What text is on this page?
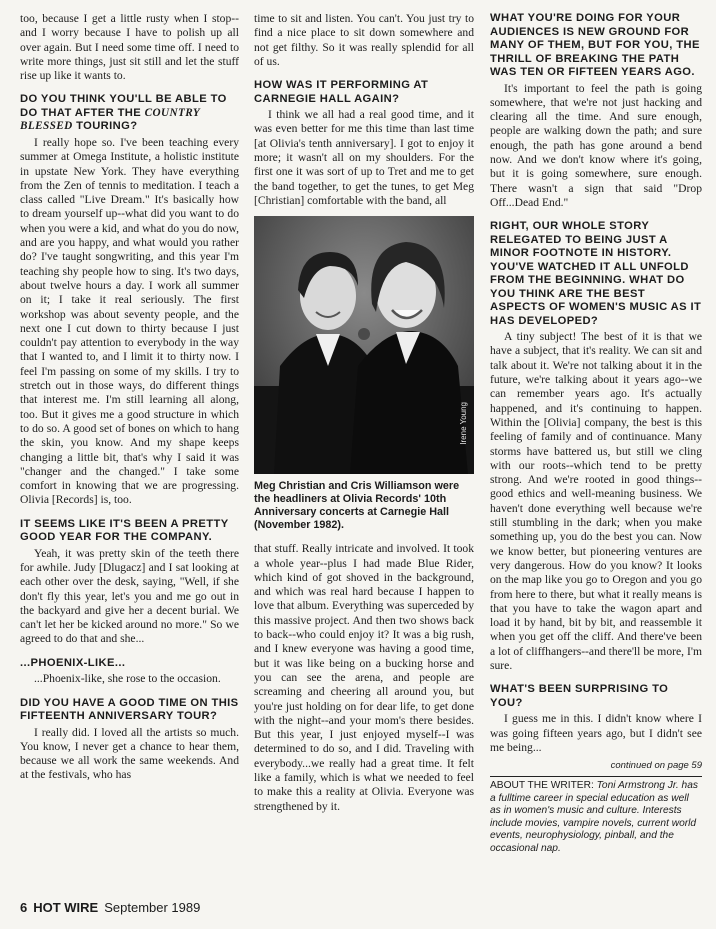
too, because I get a little rusty when I stop--and I worry because I have to polish up all over again. But I need some time off. I need to write more things, just sit still and let the stuff rise up like it wants to.

DO YOU THINK YOU'LL BE ABLE TO DO THAT AFTER THE COUNTRY BLESSED TOURING?

I really hope so. I've been teaching every summer at Omega Institute, a holistic institute in upstate New York. They have everything from the Zen of tennis to meditation. I teach a class called "Live Dream." It's basically how to dream yourself up--what did you want to do when you were a kid, and what do you do now, and are you happy, and what would you rather do? I've taught songwriting, and this year I'm teaching shy people how to sing. It's two days, about twelve hours a day. I work all summer on it; I take it real seriously. The first workshop was about seventy people, and the next one I cut down to thirty because I just couldn't pay attention to everybody in the way that I wanted to, and I limit it to thirty now. I feel I'm passing on some of my skills. I try to stretch out in those ways, do different things that interest me. I'm still learning all along, too. But it gives me a good structure in which to do so. A good set of bones on which to hang the skin, you know. And my shape keeps changing a little bit, that's why I said it was "changer and the changed." I take some comfort in knowing that we are progressing. Olivia [Records] is, too.

IT SEEMS LIKE IT'S BEEN A PRETTY GOOD YEAR FOR THE COMPANY.

Yeah, it was pretty skin of the teeth there for awhile. Judy [Dlugacz] and I sat looking at each other over the desk, saying, "Well, if she don't fly this year, let's you and me go out in the backyard and give her a decent burial. We can't let her be kicked around no more." So we agreed to do that and she...

...PHOENIX-LIKE...

...Phoenix-like, she rose to the occasion.

DID YOU HAVE A GOOD TIME ON THIS FIFTEENTH ANNIVERSARY TOUR?

I really did. I loved all the artists so much. You know, I never get a chance to hear them, because we all work the same weekends. And at the festivals, who has

time to sit and listen. You can't. You just try to find a nice place to sit down somewhere and not get filthy. So it was really splendid for all of us.

HOW WAS IT PERFORMING AT CARNEGIE HALL AGAIN?

I think we all had a real good time, and it was even better for me this time than last time [at Olivia's tenth anniversary]. I got to enjoy it more; it wasn't all on my shoulders. For the first one it was sort of up to Tret and me to get the band together, to get the tunes, to get Meg [Christian] comfortable with the band, all

Irene Young
Meg Christian and Cris Williamson were the headliners at Olivia Records' 10th Anniversary concerts at Carnegie Hall (November 1982).

that stuff. Really intricate and involved. It took a whole year--plus I had made Blue Rider, which kind of got shoved in the background, and which was real hard because I happen to love that album. Everything was superceded by this massive project. And then two shows back to back--who could enjoy it? It was a big rush, and I knew everyone was having a good time, but it was like being on a bucking horse and you can see the arena, and people are screaming and cheering all around you, but you're just holding on for dear life, to get done with the night--and your mom's there besides. But this year, I just enjoyed myself--I was determined to do so, and I did. Traveling with everybody...we really had a great time. It felt like a family, which is what we needed to feel to make this a reality at Olivia. Everyone was strengthened by it.

WHAT YOU'RE DOING FOR YOUR AUDIENCES IS NEW GROUND FOR MANY OF THEM, BUT FOR YOU, THE THRILL OF BREAKING THE PATH WAS TEN OR FIFTEEN YEARS AGO.

It's important to feel the path is going somewhere, that we're not just hacking and clearing all the time. And sure enough, people are walking down the path; and sure enough, the path has gone around a bend now. And we don't know where it's going, but it is going somewhere, sure enough. There wasn't a sign that said "Drop Off...Dead End."

RIGHT, OUR WHOLE STORY RELEGATED TO BEING JUST A MINOR FOOTNOTE IN HISTORY. YOU'VE WATCHED IT ALL UNFOLD FROM THE BEGINNING. WHAT DO YOU THINK ARE THE BEST ASPECTS OF WOMEN'S MUSIC AS IT HAS DEVELOPED?

A tiny subject! The best of it is that we have a subject, that it's reality. We can sit and talk about it. We're not talking about it in the future, we're talking about it years ago--we can remember years ago. It's actually happened, and it's continuing to happen. Within the [Olivia] company, the best is this feeling of family and of continuance. Many storms have battered us, but still we cling with our roots--which tend to be pretty strong. And we're rooted in good things--good ethics and well-meaning business. We haven't done everything well because we're still stumbling in the dark; when you make something up, you do the best you can. Now we know better, but pioneering ventures are very dangerous. How do you know? It looks on the map like you go to Oregon and you go from here to there, but what it really means is that you have to take the wagon apart and load it by hand, bit by bit, and reassemble it when you get off the cliff. And there've been a lot of cliffhangers--and there'll be more, I'm sure.

WHAT'S BEEN SURPRISING TO YOU?

I guess me in this. I didn't know where I was going fifteen years ago, but I didn't see me being...

continued on page 59
ABOUT THE WRITER: Toni Armstrong Jr. has a fulltime career in special education as well as in women's music and culture. Interests include movies, vampire novels, current world events, neurophysiology, pinball, and the occasional nap.
6 HOT WIRE September 1989
